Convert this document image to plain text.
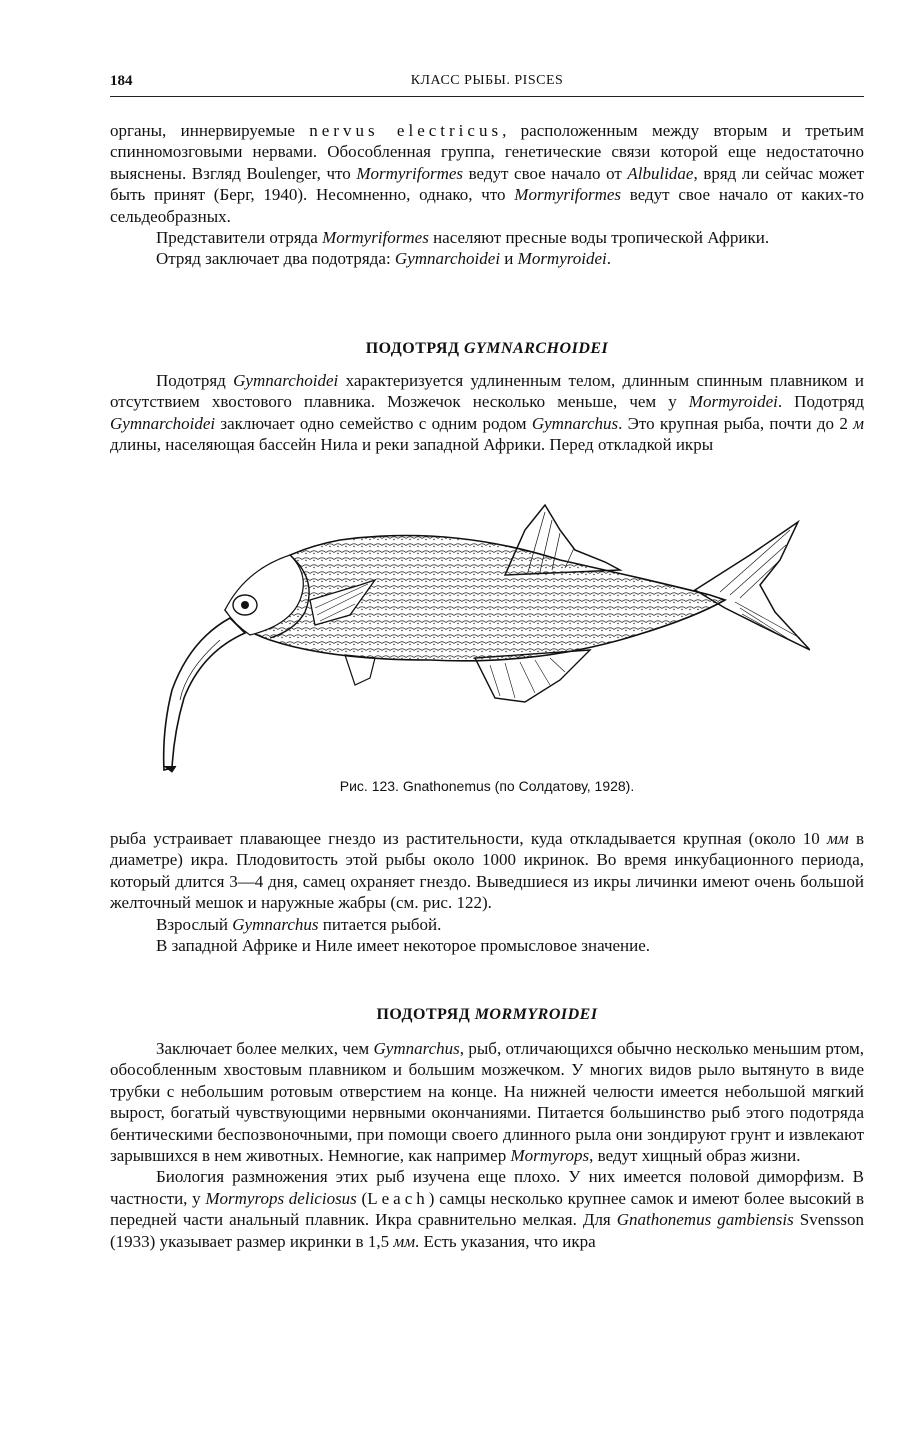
184	КЛАСС РЫБЫ. PISCES

органы, иннервируемые nervus electricus, расположенным между вторым и третьим спинномозговыми нервами. Обособленная группа, генетические связи которой еще недостаточно выяснены. Взгляд Boulenger, что Mormyriformes ведут свое начало от Albulidae, вряд ли сейчас может быть принят (Берг, 1940). Несомненно, однако, что Mormyriformes ведут свое начало от каких-то сельдеобразных.

Представители отряда Mormyriformes населяют пресные воды тропической Африки.

Отряд заключает два подотряда: Gymnarchoidei и Mormyroidei.

ПОДОТРЯД GYMNARCHOIDEI

Подотряд Gymnarchoidei характеризуется удлиненным телом, длинным спинным плавником и отсутствием хвостового плавника. Мозжечок несколько меньше, чем у Mormyroidei. Подотряд Gymnarchoidei заключает одно семейство с одним родом Gymnarchus. Это крупная рыба, почти до 2 м длины, населяющая бассейн Нила и реки западной Африки. Перед откладкой икры

Рис. 123. Gnathonemus (по Солдатову, 1928).

рыба устраивает плавающее гнездо из растительности, куда откладывается крупная (около 10 мм в диаметре) икра. Плодовитость этой рыбы около 1000 икринок. Во время инкубационного периода, который длится 3—4 дня, самец охраняет гнездо. Выведшиеся из икры личинки имеют очень большой желточный мешок и наружные жабры (см. рис. 122).

Взрослый Gymnarchus питается рыбой.

В западной Африке и Ниле имеет некоторое промысловое значение.

ПОДОТРЯД MORMYROIDEI

Заключает более мелких, чем Gymnarchus, рыб, отличающихся обычно несколько меньшим ртом, обособленным хвостовым плавником и большим мозжечком. У многих видов рыло вытянуто в виде трубки с небольшим ротовым отверстием на конце. На нижней челюсти имеется небольшой мягкий вырост, богатый чувствующими нервными окончаниями. Питается большинство рыб этого подотряда бентическими беспозвоночными, при помощи своего длинного рыла они зондируют грунт и извлекают зарывшихся в нем животных. Немногие, как например Mormyrops, ведут хищный образ жизни.

Биология размножения этих рыб изучена еще плохо. У них имеется половой диморфизм. В частности, у Mormyrops deliciosus (Leach) самцы несколько крупнее самок и имеют более высокий в передней части анальный плавник. Икра сравнительно мелкая. Для Gnathonemus gambiensis Svensson (1933) указывает размер икринки в 1,5 мм. Есть указания, что икра
